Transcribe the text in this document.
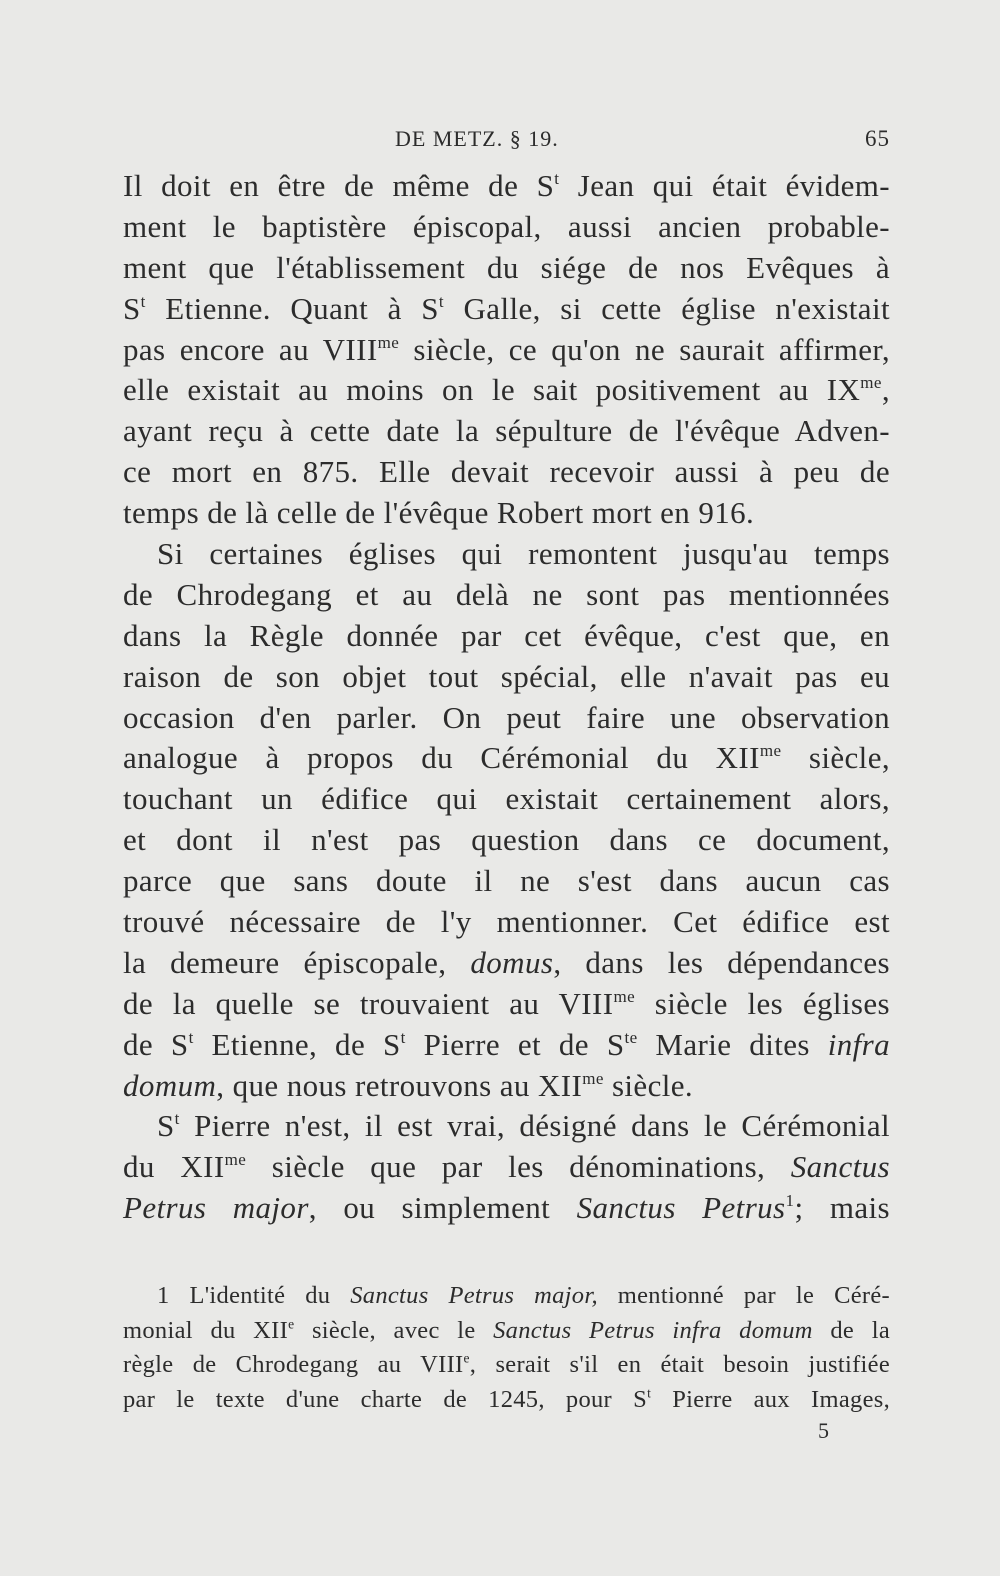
DE METZ. § 19.	65
Il doit en être de même de $S^t$ Jean qui était évidem-
ment le baptistère épiscopal, aussi ancien probable-
ment que l'établissement du siége de nos Evêques à
$S^t$ Etienne. Quant à $S^t$ Galle, si cette église n'existait
pas encore au $VIII^{me}$ siècle, ce qu'on ne saurait affirmer,
elle existait au moins on le sait positivement au $IX^{me}$,
ayant reçu à cette date la sépulture de l'évêque Adven-
ce mort en 875. Elle devait recevoir aussi à peu de
temps de là celle de l'évêque Robert mort en 916.
Si certaines églises qui remontent jusqu'au temps
de Chrodegang et au delà ne sont pas mentionnées
dans la Règle donnée par cet évêque, c'est que, en
raison de son objet tout spécial, elle n'avait pas eu
occasion d'en parler. On peut faire une observation
analogue à propos du Cérémonial du $XII^{me}$ siècle,
touchant un édifice qui existait certainement alors,
et dont il n'est pas question dans ce document,
parce que sans doute il ne s'est dans aucun cas
trouvé nécessaire de l'y mentionner. Cet édifice est
la demeure épiscopale, domus, dans les dépendances
de la quelle se trouvaient au $VIII^{me}$ siècle les églises
de $S^t$ Etienne, de $S^t$ Pierre et de $S^{te}$ Marie dites infra
domum, que nous retrouvons au $XII^{me}$ siècle.
$S^t$ Pierre n'est, il est vrai, désigné dans le Cérémonial
du $XII^{me}$ siècle que par les dénominations, Sanctus
Petrus major, ou simplement Sanctus Petrus$^1$; mais
1 L'identité du Sanctus Petrus major, mentionné par le Céré-
monial du XIIe siècle, avec le Sanctus Petrus infra domum de la
règle de Chrodegang au VIIIe, serait s'il en était besoin justifiée
par le texte d'une charte de 1245, pour $S^t$ Pierre aux Images,
5
